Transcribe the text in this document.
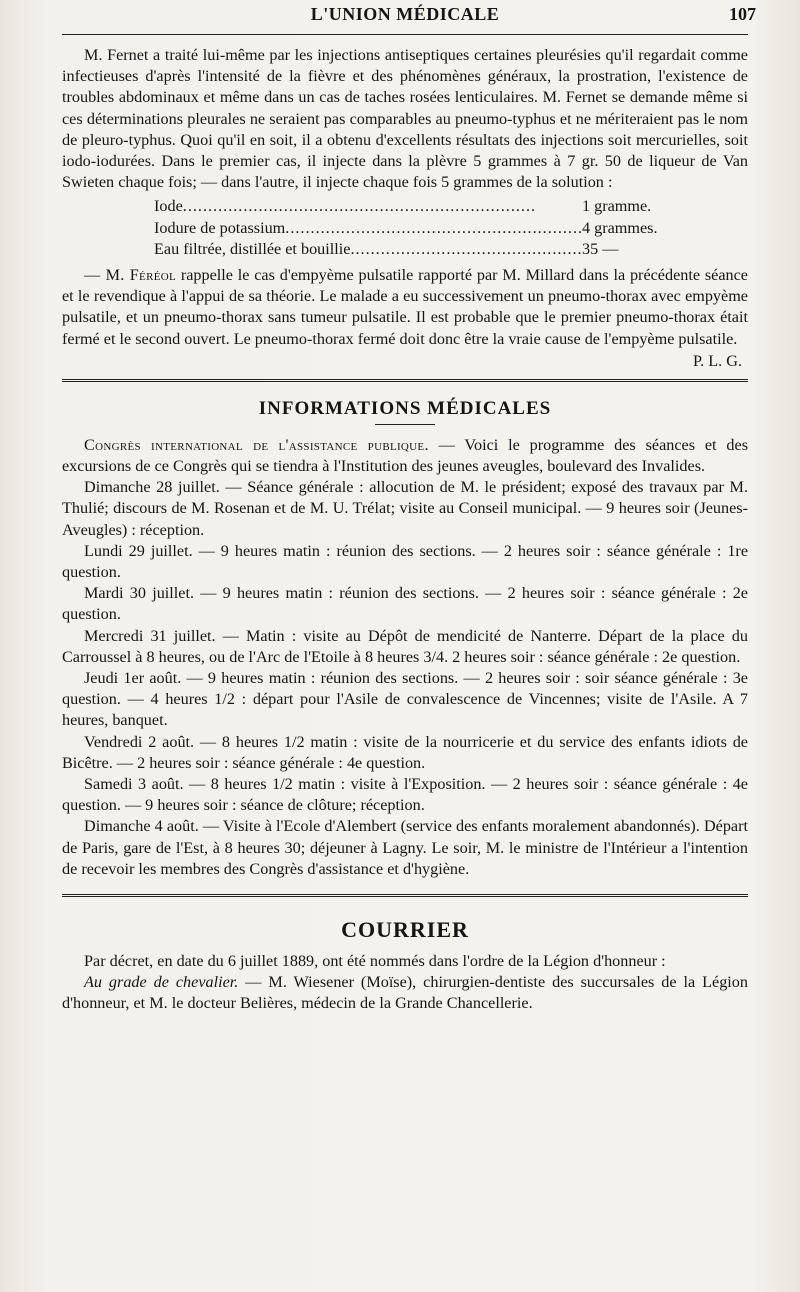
L'UNION MÉDICALE	107

M. Fernet a traité lui-même par les injections antiseptiques certaines pleurésies qu'il regardait comme infectieuses d'après l'intensité de la fièvre et des phénomènes généraux, la prostration, l'existence de troubles abdominaux et même dans un cas de taches rosées lenticulaires. M. Fernet se demande même si ces déterminations pleurales ne seraient pas comparables au pneumo-typhus et ne mériteraient pas le nom de pleuro-typhus. Quoi qu'il en soit, il a obtenu d'excellents résultats des injections soit mercurielles, soit iodo-iodurées. Dans le premier cas, il injecte dans la plèvre 5 grammes à 7 gr. 50 de liqueur de Van Swieten chaque fois; — dans l'autre, il injecte chaque fois 5 grammes de la solution :

Iode .....	1 gramme.
Iodure de potassium .....	4 grammes.
Eau filtrée, distillée et bouillie .....	35 —

— M. Féréol rappelle le cas d'empyème pulsatile rapporté par M. Millard dans la précédente séance et le revendique à l'appui de sa théorie. Le malade a eu successivement un pneumo-thorax avec empyème pulsatile, et un pneumo-thorax sans tumeur pulsatile. Il est probable que le premier pneumo-thorax était fermé et le second ouvert. Le pneumo-thorax fermé doit donc être la vraie cause de l'empyème pulsatile.

P. L. G.
INFORMATIONS MÉDICALES

Congrès international de l'assistance publique. — Voici le programme des séances et des excursions de ce Congrès qui se tiendra à l'Institution des jeunes aveugles, boulevard des Invalides.

Dimanche 28 juillet. — Séance générale : allocution de M. le président; exposé des travaux par M. Thulié; discours de M. Rosenan et de M. U. Trélat; visite au Conseil municipal. — 9 heures soir (Jeunes-Aveugles) : réception.

Lundi 29 juillet. — 9 heures matin : réunion des sections. — 2 heures soir : séance générale : 1re question.

Mardi 30 juillet. — 9 heures matin : réunion des sections. — 2 heures soir : séance générale : 2e question.

Mercredi 31 juillet. — Matin : visite au Dépôt de mendicité de Nanterre. Départ de la place du Carroussel à 8 heures, ou de l'Arc de l'Etoile à 8 heures 3/4. 2 heures soir : séance générale : 2e question.

Jeudi 1er août. — 9 heures matin : réunion des sections. — 2 heures soir : soir séance générale : 3e question. — 4 heures 1/2 : départ pour l'Asile de convalescence de Vincennes; visite de l'Asile. A 7 heures, banquet.

Vendredi 2 août. — 8 heures 1/2 matin : visite de la nourricerie et du service des enfants idiots de Bicêtre. — 2 heures soir : séance générale : 4e question.

Samedi 3 août. — 8 heures 1/2 matin : visite à l'Exposition. — 2 heures soir : séance générale : 4e question. — 9 heures soir : séance de clôture; réception.

Dimanche 4 août. — Visite à l'Ecole d'Alembert (service des enfants moralement abandonnés). Départ de Paris, gare de l'Est, à 8 heures 30; déjeuner à Lagny. Le soir, M. le ministre de l'Intérieur a l'intention de recevoir les membres des Congrès d'assistance et d'hygiène.

COURRIER

Par décret, en date du 6 juillet 1889, ont été nommés dans l'ordre de la Légion d'honneur :

Au grade de chevalier. — M. Wiesener (Moïse), chirurgien-dentiste des succursales de la Légion d'honneur, et M. le docteur Belières, médecin de la Grande Chancellerie.
